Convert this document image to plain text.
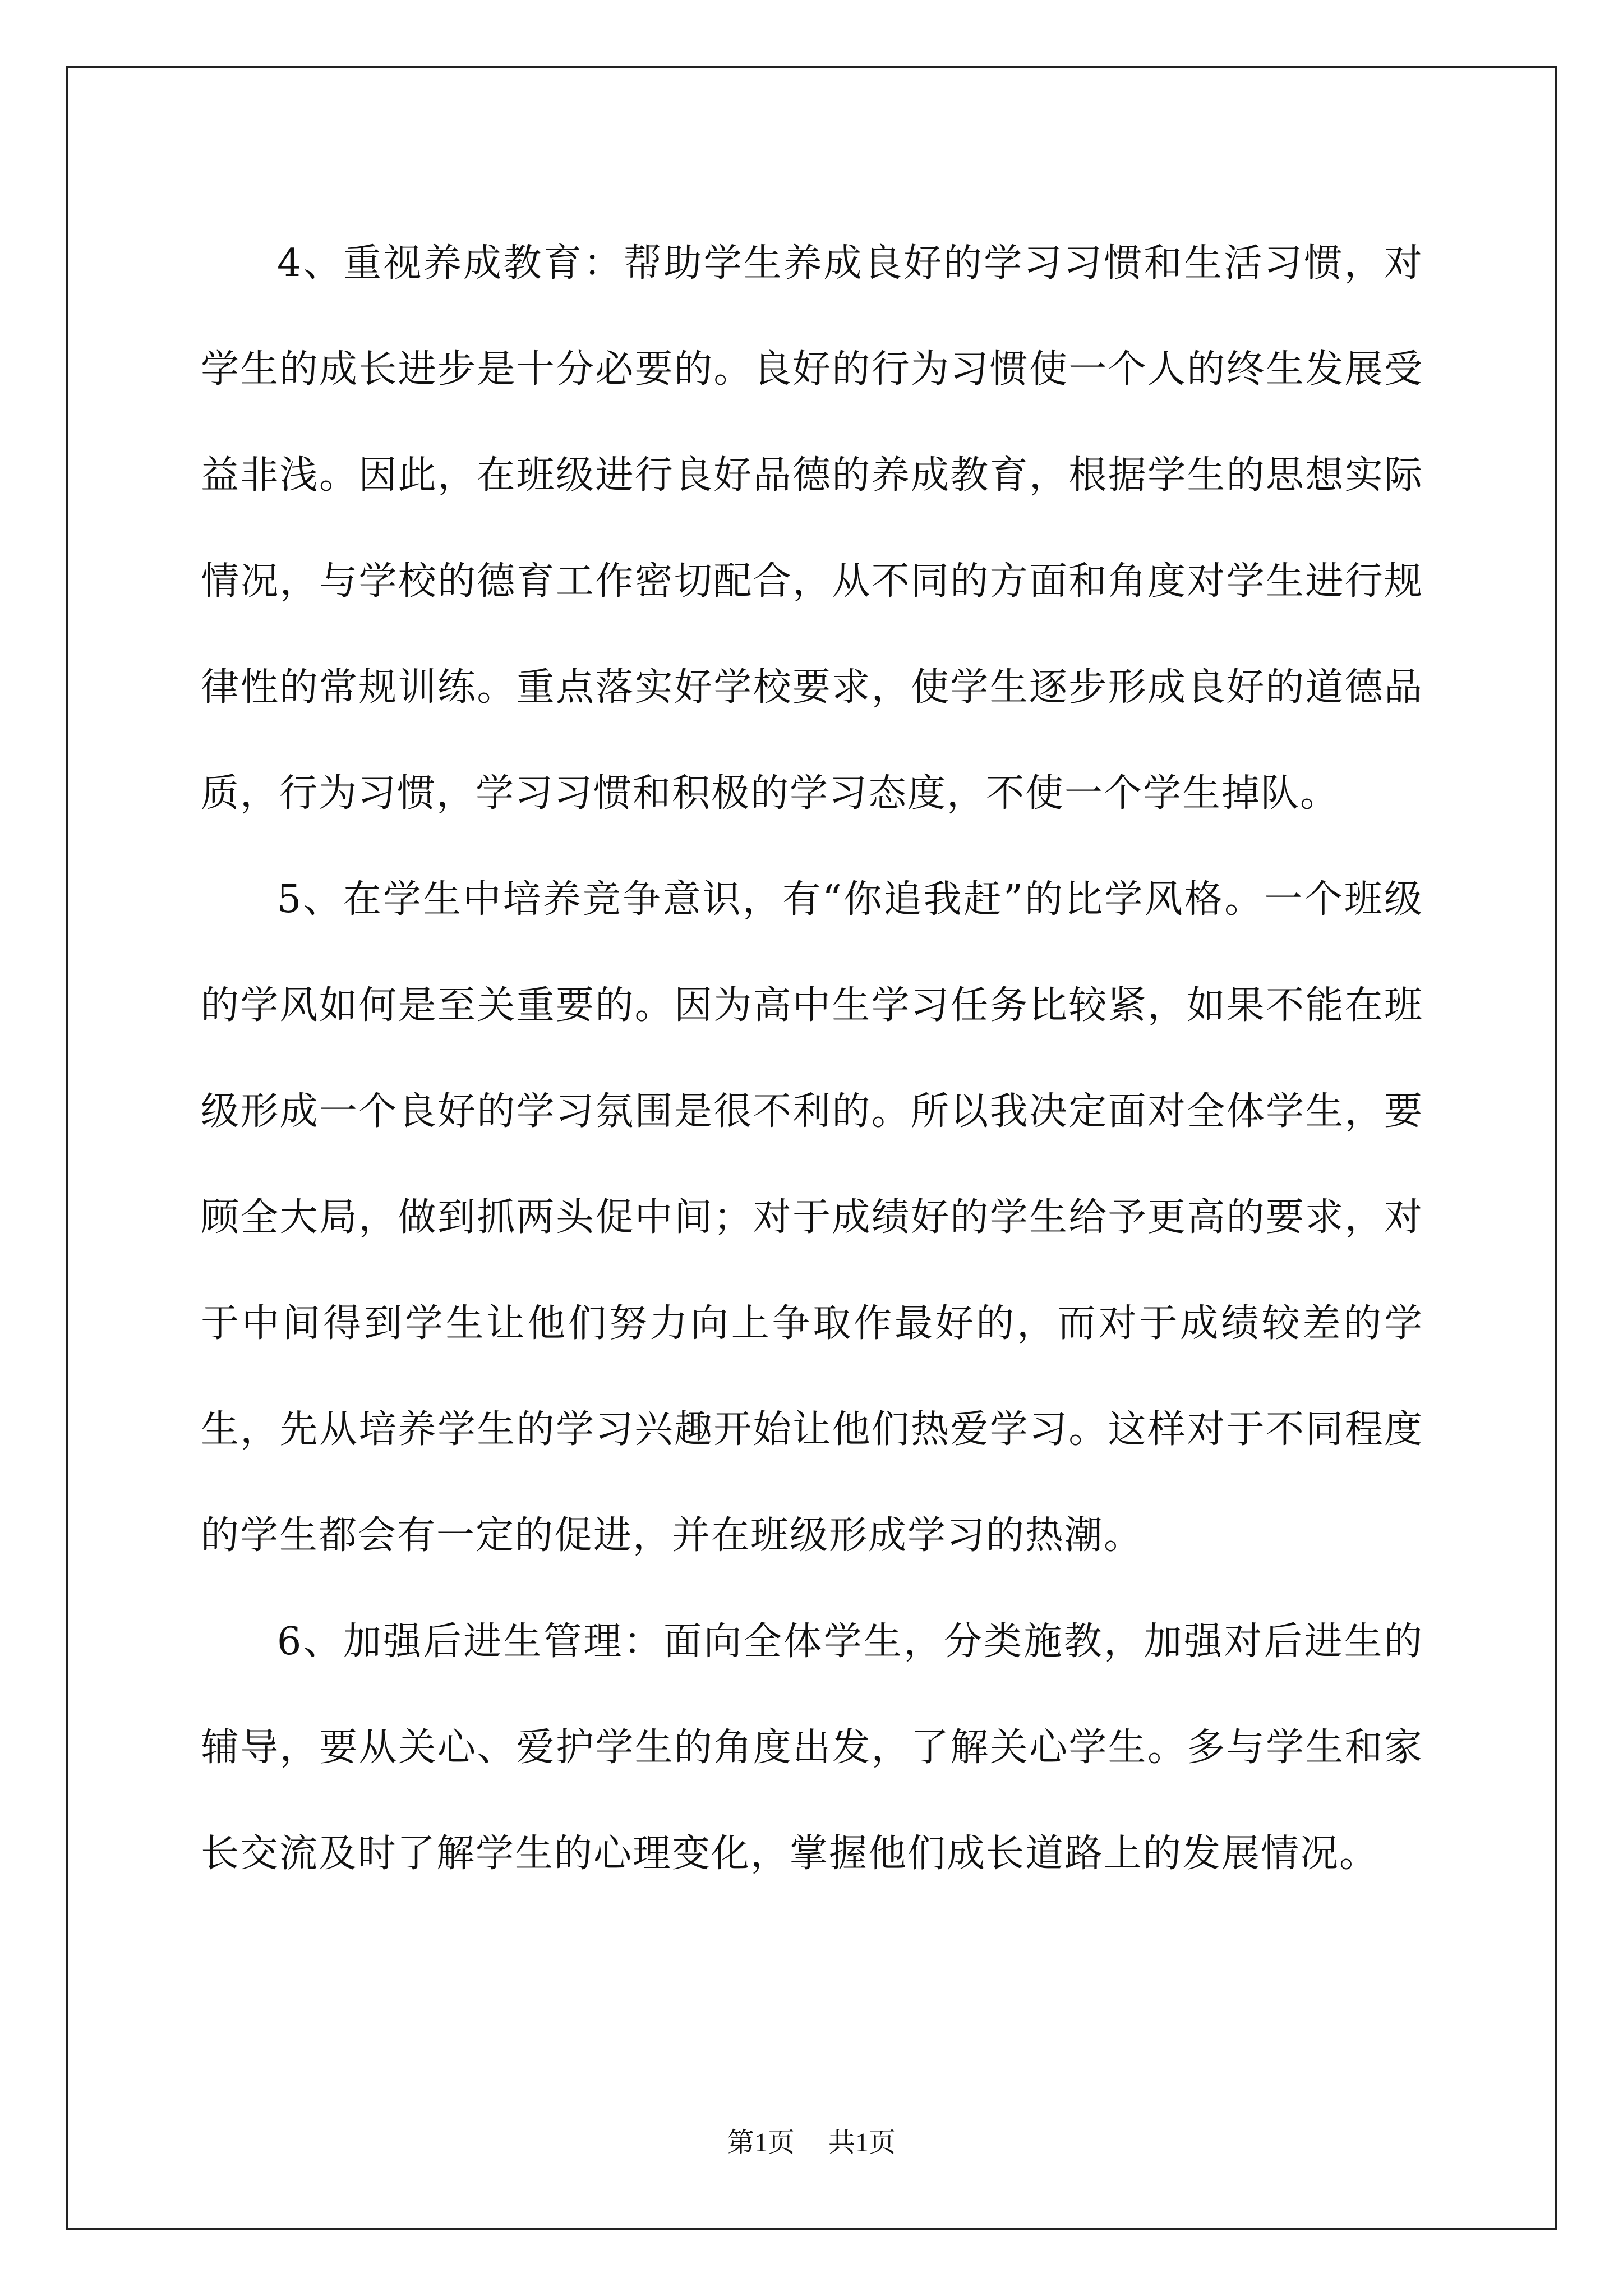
4、重视养成教育：帮助学生养成良好的学习习惯和生活习惯，对学生的成长进步是十分必要的。良好的行为习惯使一个人的终生发展受益非浅。因此，在班级进行良好品德的养成教育，根据学生的思想实际情况，与学校的德育工作密切配合，从不同的方面和角度对学生进行规律性的常规训练。重点落实好学校要求，使学生逐步形成良好的道德品质，行为习惯，学习习惯和积极的学习态度，不使一个学生掉队。

5、在学生中培养竞争意识，有“你追我赶”的比学风格。一个班级的学风如何是至关重要的。因为高中生学习任务比较紧，如果不能在班级形成一个良好的学习氛围是很不利的。所以我决定面对全体学生，要顾全大局，做到抓两头促中间；对于成绩好的学生给予更高的要求，对于中间得到学生让他们努力向上争取作最好的，而对于成绩较差的学生，先从培养学生的学习兴趣开始让他们热爱学习。这样对于不同程度的学生都会有一定的促进，并在班级形成学习的热潮。

6、加强后进生管理：面向全体学生，分类施教，加强对后进生的辅导，要从关心、爱护学生的角度出发，了解关心学生。多与学生和家长交流及时了解学生的心理变化，掌握他们成长道路上的发展情况。

第1页 共1页
